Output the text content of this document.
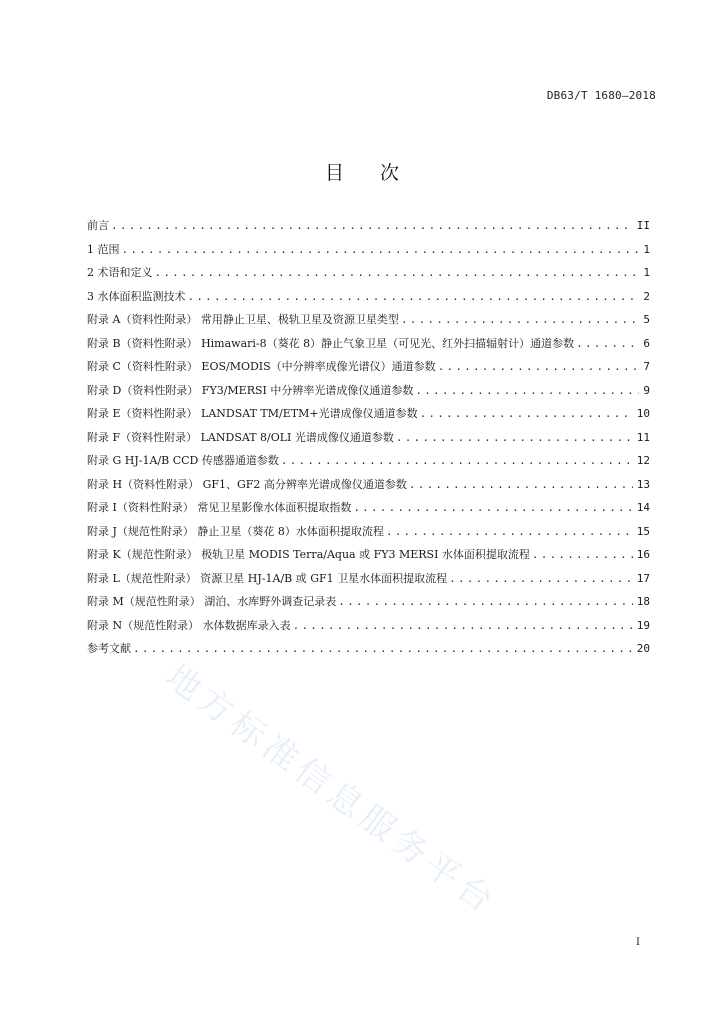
DB63/T 1680—2018
目次
前言 .....	II
1 范围 .....	1
2 术语和定义 .....	1
3 水体面积监测技术 .....	2
附录 A（资料性附录） 常用静止卫星、极轨卫星及资源卫星类型 .....	5
附录 B（资料性附录） Himawari-8（葵花 8）静止气象卫星（可见光、红外扫描辐射计）通道参数 .....	6
附录 C（资料性附录） EOS/MODIS（中分辨率成像光谱仪）通道参数 .....	7
附录 D（资料性附录） FY3/MERSI 中分辨率光谱成像仪通道参数 .....	9
附录 E（资料性附录） LANDSAT TM/ETM+光谱成像仪通道参数 .....	10
附录 F（资料性附录） LANDSAT 8/OLI 光谱成像仪通道参数 .....	11
附录 G HJ-1A/B CCD 传感器通道参数 .....	12
附录 H（资料性附录） GF1、GF2 高分辨率光谱成像仪通道参数 .....	13
附录 I（资料性附录） 常见卫星影像水体面积提取指数 .....	14
附录 J（规范性附录） 静止卫星（葵花 8）水体面积提取流程 .....	15
附录 K（规范性附录） 极轨卫星 MODIS Terra/Aqua 或 FY3 MERSI 水体面积提取流程 .....	16
附录 L（规范性附录） 资源卫星 HJ-1A/B 或 GF1 卫星水体面积提取流程 .....	17
附录 M（规范性附录） 湖泊、水库野外调查记录表 .....	18
附录 N（规范性附录） 水体数据库录入表 .....	19
参考文献 .....	20
地方标准信息服务平台
I
